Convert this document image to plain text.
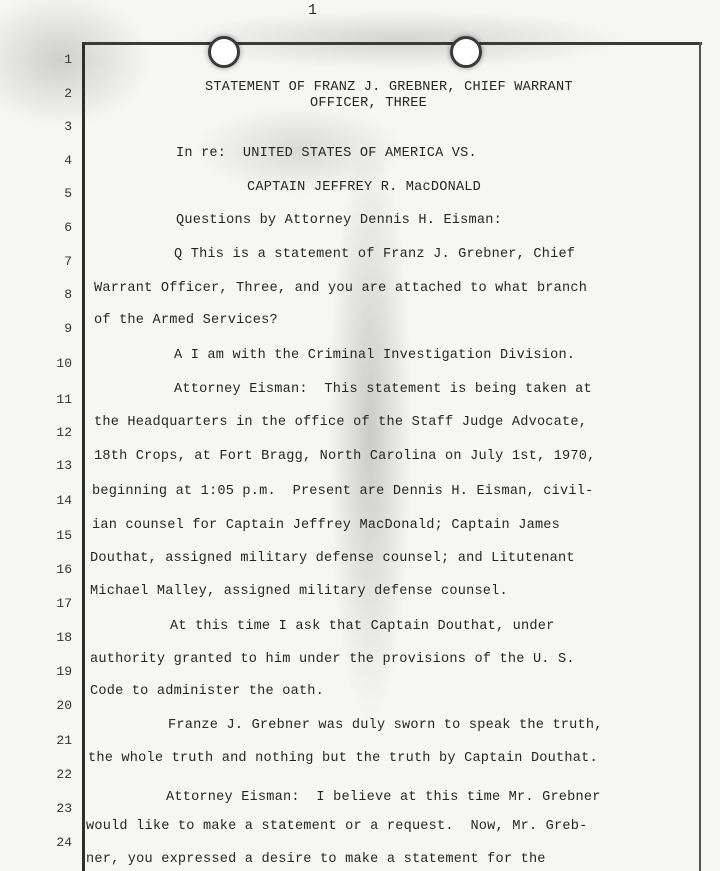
1
1
2
3
4
5
6
7
8
9
10
11
12
13
14
15
16
17
18
19
20
21
22
23
24
STATEMENT OF FRANZ J. GREBNER, CHIEF WARRANT
OFFICER, THREE
In re:  UNITED STATES OF AMERICA VS.
CAPTAIN JEFFREY R. MacDONALD
Questions by Attorney Dennis H. Eisman:
Q This is a statement of Franz J. Grebner, Chief
Warrant Officer, Three, and you are attached to what branch
of the Armed Services?
A I am with the Criminal Investigation Division.
Attorney Eisman:  This statement is being taken at
the Headquarters in the office of the Staff Judge Advocate,
18th Crops, at Fort Bragg, North Carolina on July 1st, 1970,
beginning at 1:05 p.m.  Present are Dennis H. Eisman, civil-
ian counsel for Captain Jeffrey MacDonald; Captain James
Douthat, assigned military defense counsel; and Litutenant
Michael Malley, assigned military defense counsel.
At this time I ask that Captain Douthat, under
authority granted to him under the provisions of the U. S.
Code to administer the oath.
Franze J. Grebner was duly sworn to speak the truth,
the whole truth and nothing but the truth by Captain Douthat.
Attorney Eisman:  I believe at this time Mr. Grebner
would like to make a statement or a request.  Now, Mr. Greb-
ner, you expressed a desire to make a statement for the
